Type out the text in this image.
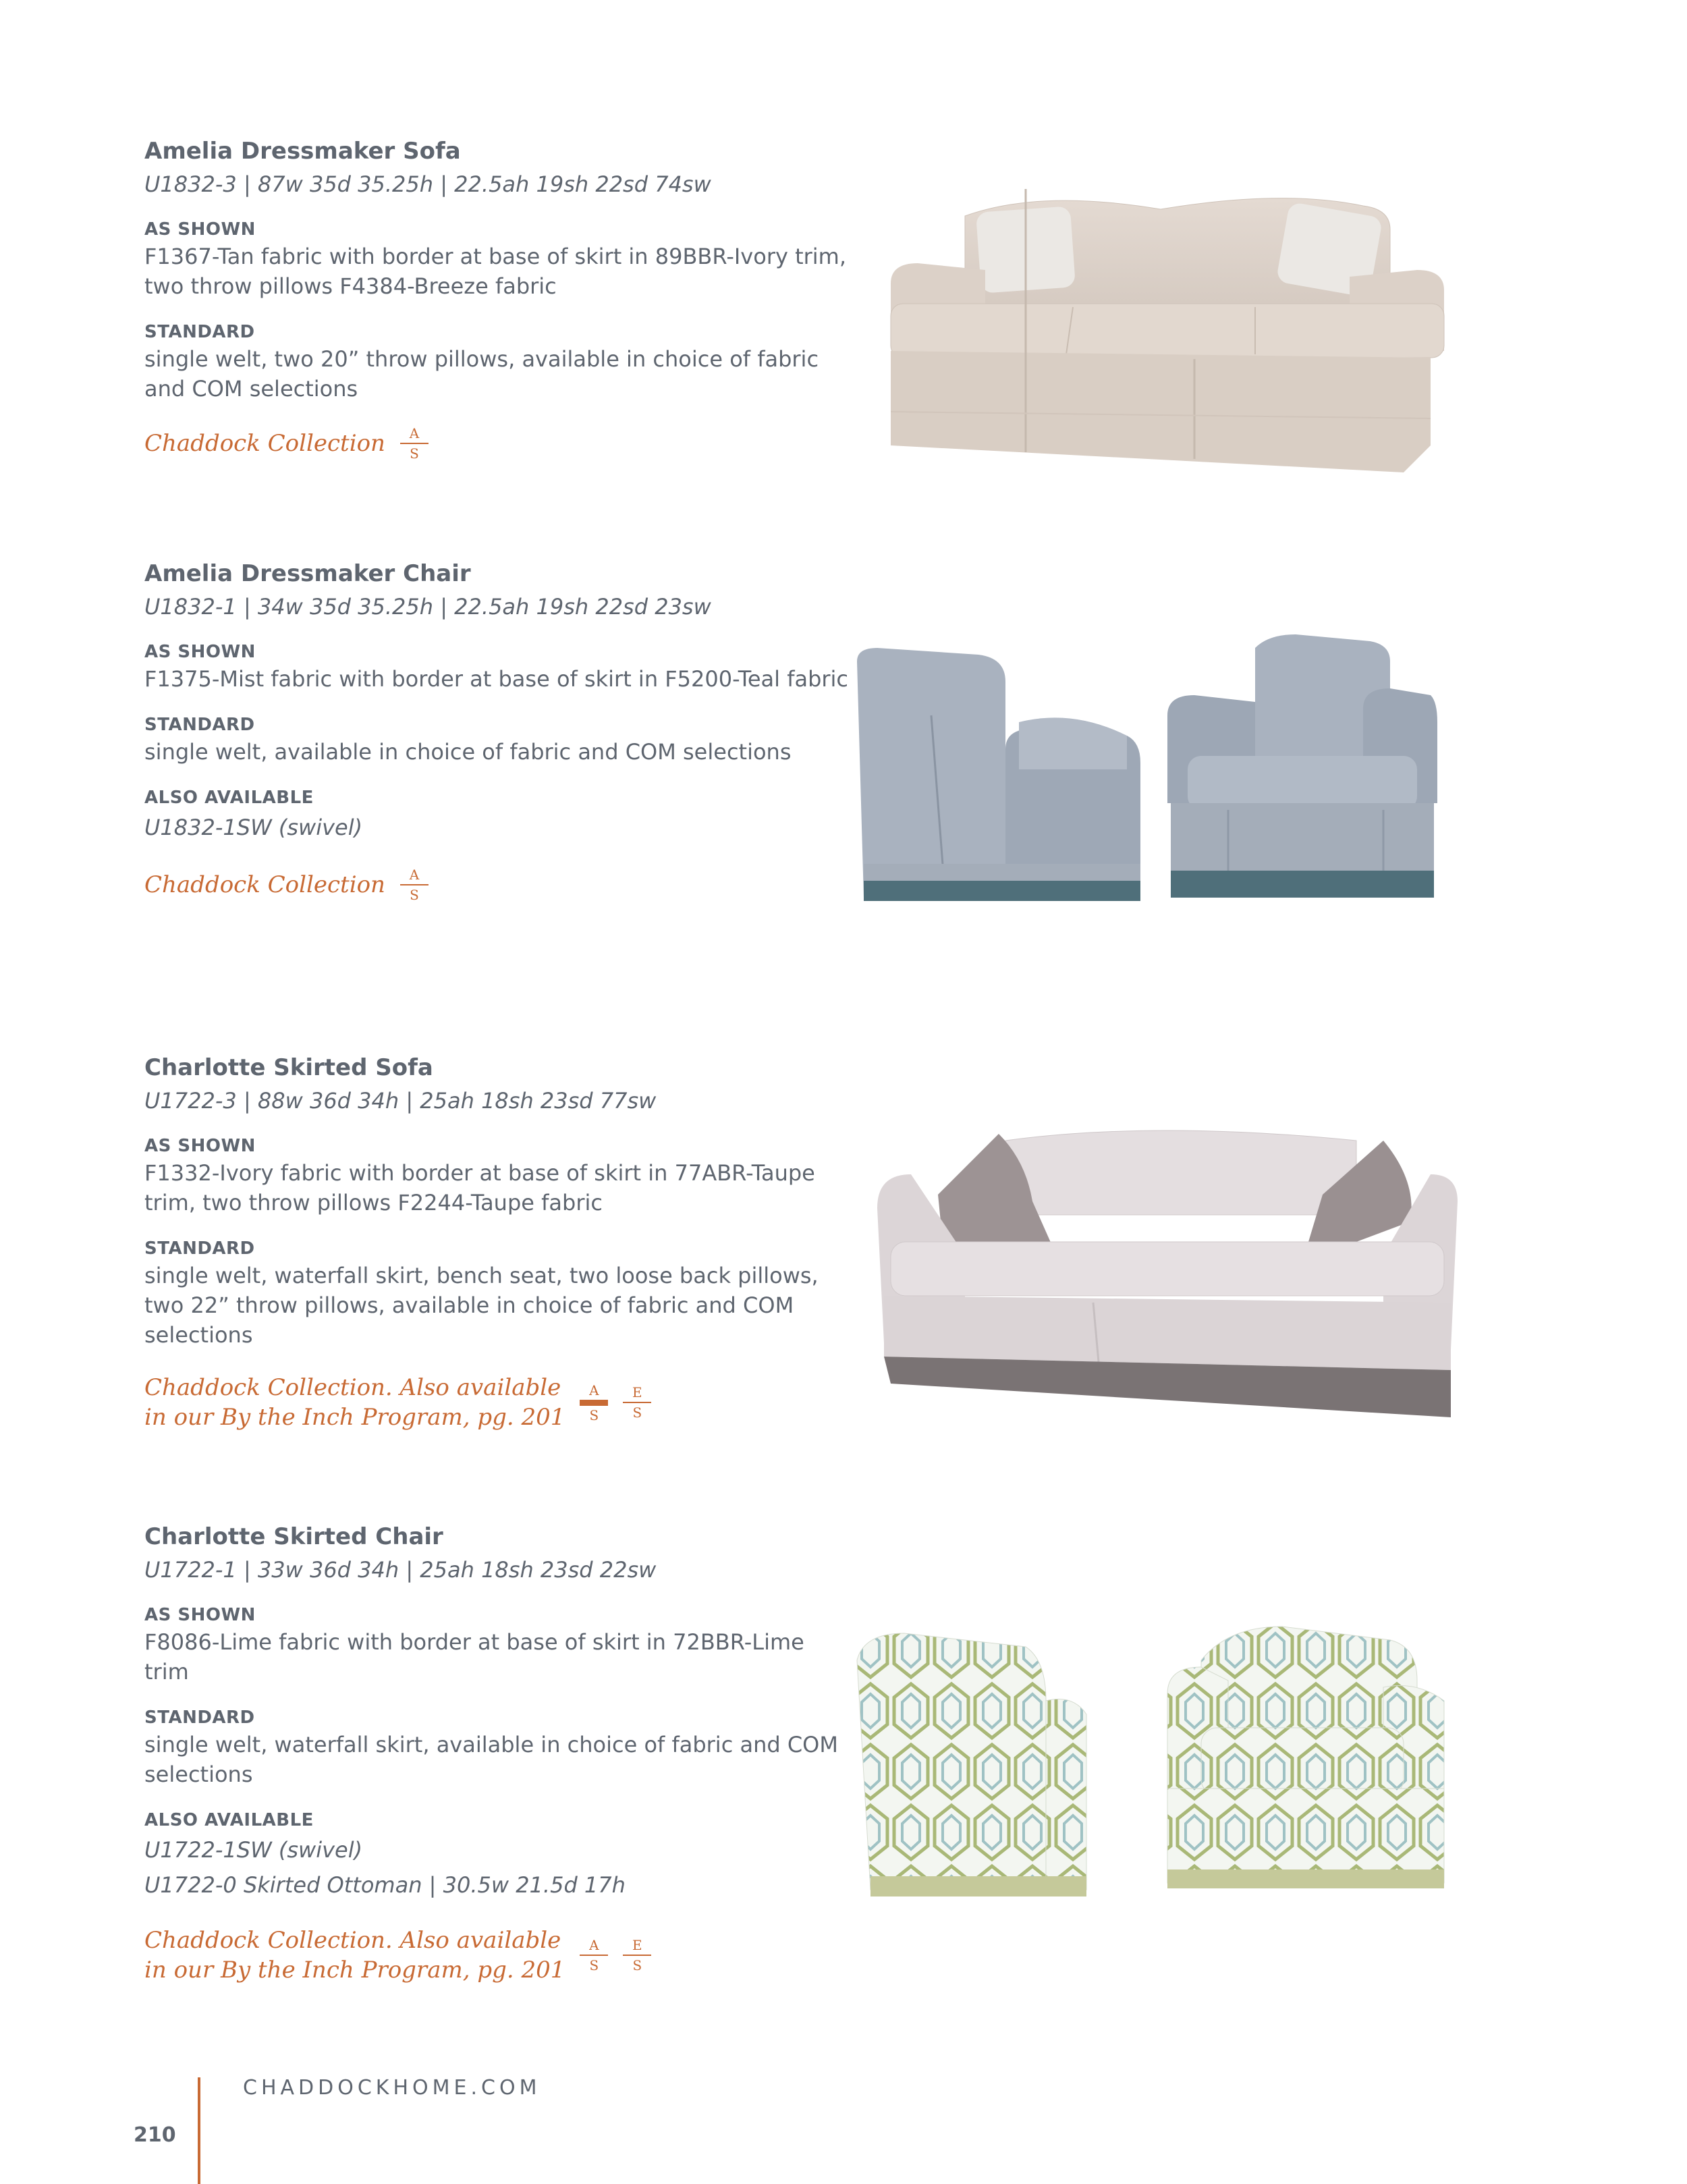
Amelia Dressmaker Sofa

U1832-3 | 87w 35d 35.25h | 22.5ah 19sh 22sd 74sw

AS SHOWN

F1367-Tan fabric with border at base of skirt in 89BBR-Ivory trim, two throw pillows F4384-Breeze fabric

STANDARD

single welt, two 20” throw pillows, available in choice of fabric and COM selections

Chaddock Collection A
S
Amelia Dressmaker Chair

U1832-1 | 34w 35d 35.25h | 22.5ah 19sh 22sd 23sw

AS SHOWN

F1375-Mist fabric with border at base of skirt in F5200-Teal fabric

STANDARD

single welt, available in choice of fabric and COM selections

ALSO AVAILABLE

U1832-1SW (swivel)

Chaddock Collection A
S
Charlotte Skirted Sofa

U1722-3 | 88w 36d 34h | 25ah 18sh 23sd 77sw

AS SHOWN

F1332-Ivory fabric with border at base of skirt in 77ABR-Taupe trim, two throw pillows F2244-Taupe fabric

STANDARD

single welt, waterfall skirt, bench seat, two loose back pillows, two 22” throw pillows, available in choice of fabric and COM selections

Chaddock Collection. Also available
in our By the Inch Program, pg. 201
A
S
E
S
Charlotte Skirted Chair

U1722-1 | 33w 36d 34h | 25ah 18sh 23sd 22sw

AS SHOWN

F8086-Lime fabric with border at base of skirt in 72BBR-Lime trim

STANDARD

single welt, waterfall skirt, available in choice of fabric and COM selections

ALSO AVAILABLE

U1722-1SW (swivel)

U1722-0 Skirted Ottoman | 30.5w 21.5d 17h

Chaddock Collection. Also available
in our By the Inch Program, pg. 201
A
S
E
S
CHADDOCKHOME.COM
210
